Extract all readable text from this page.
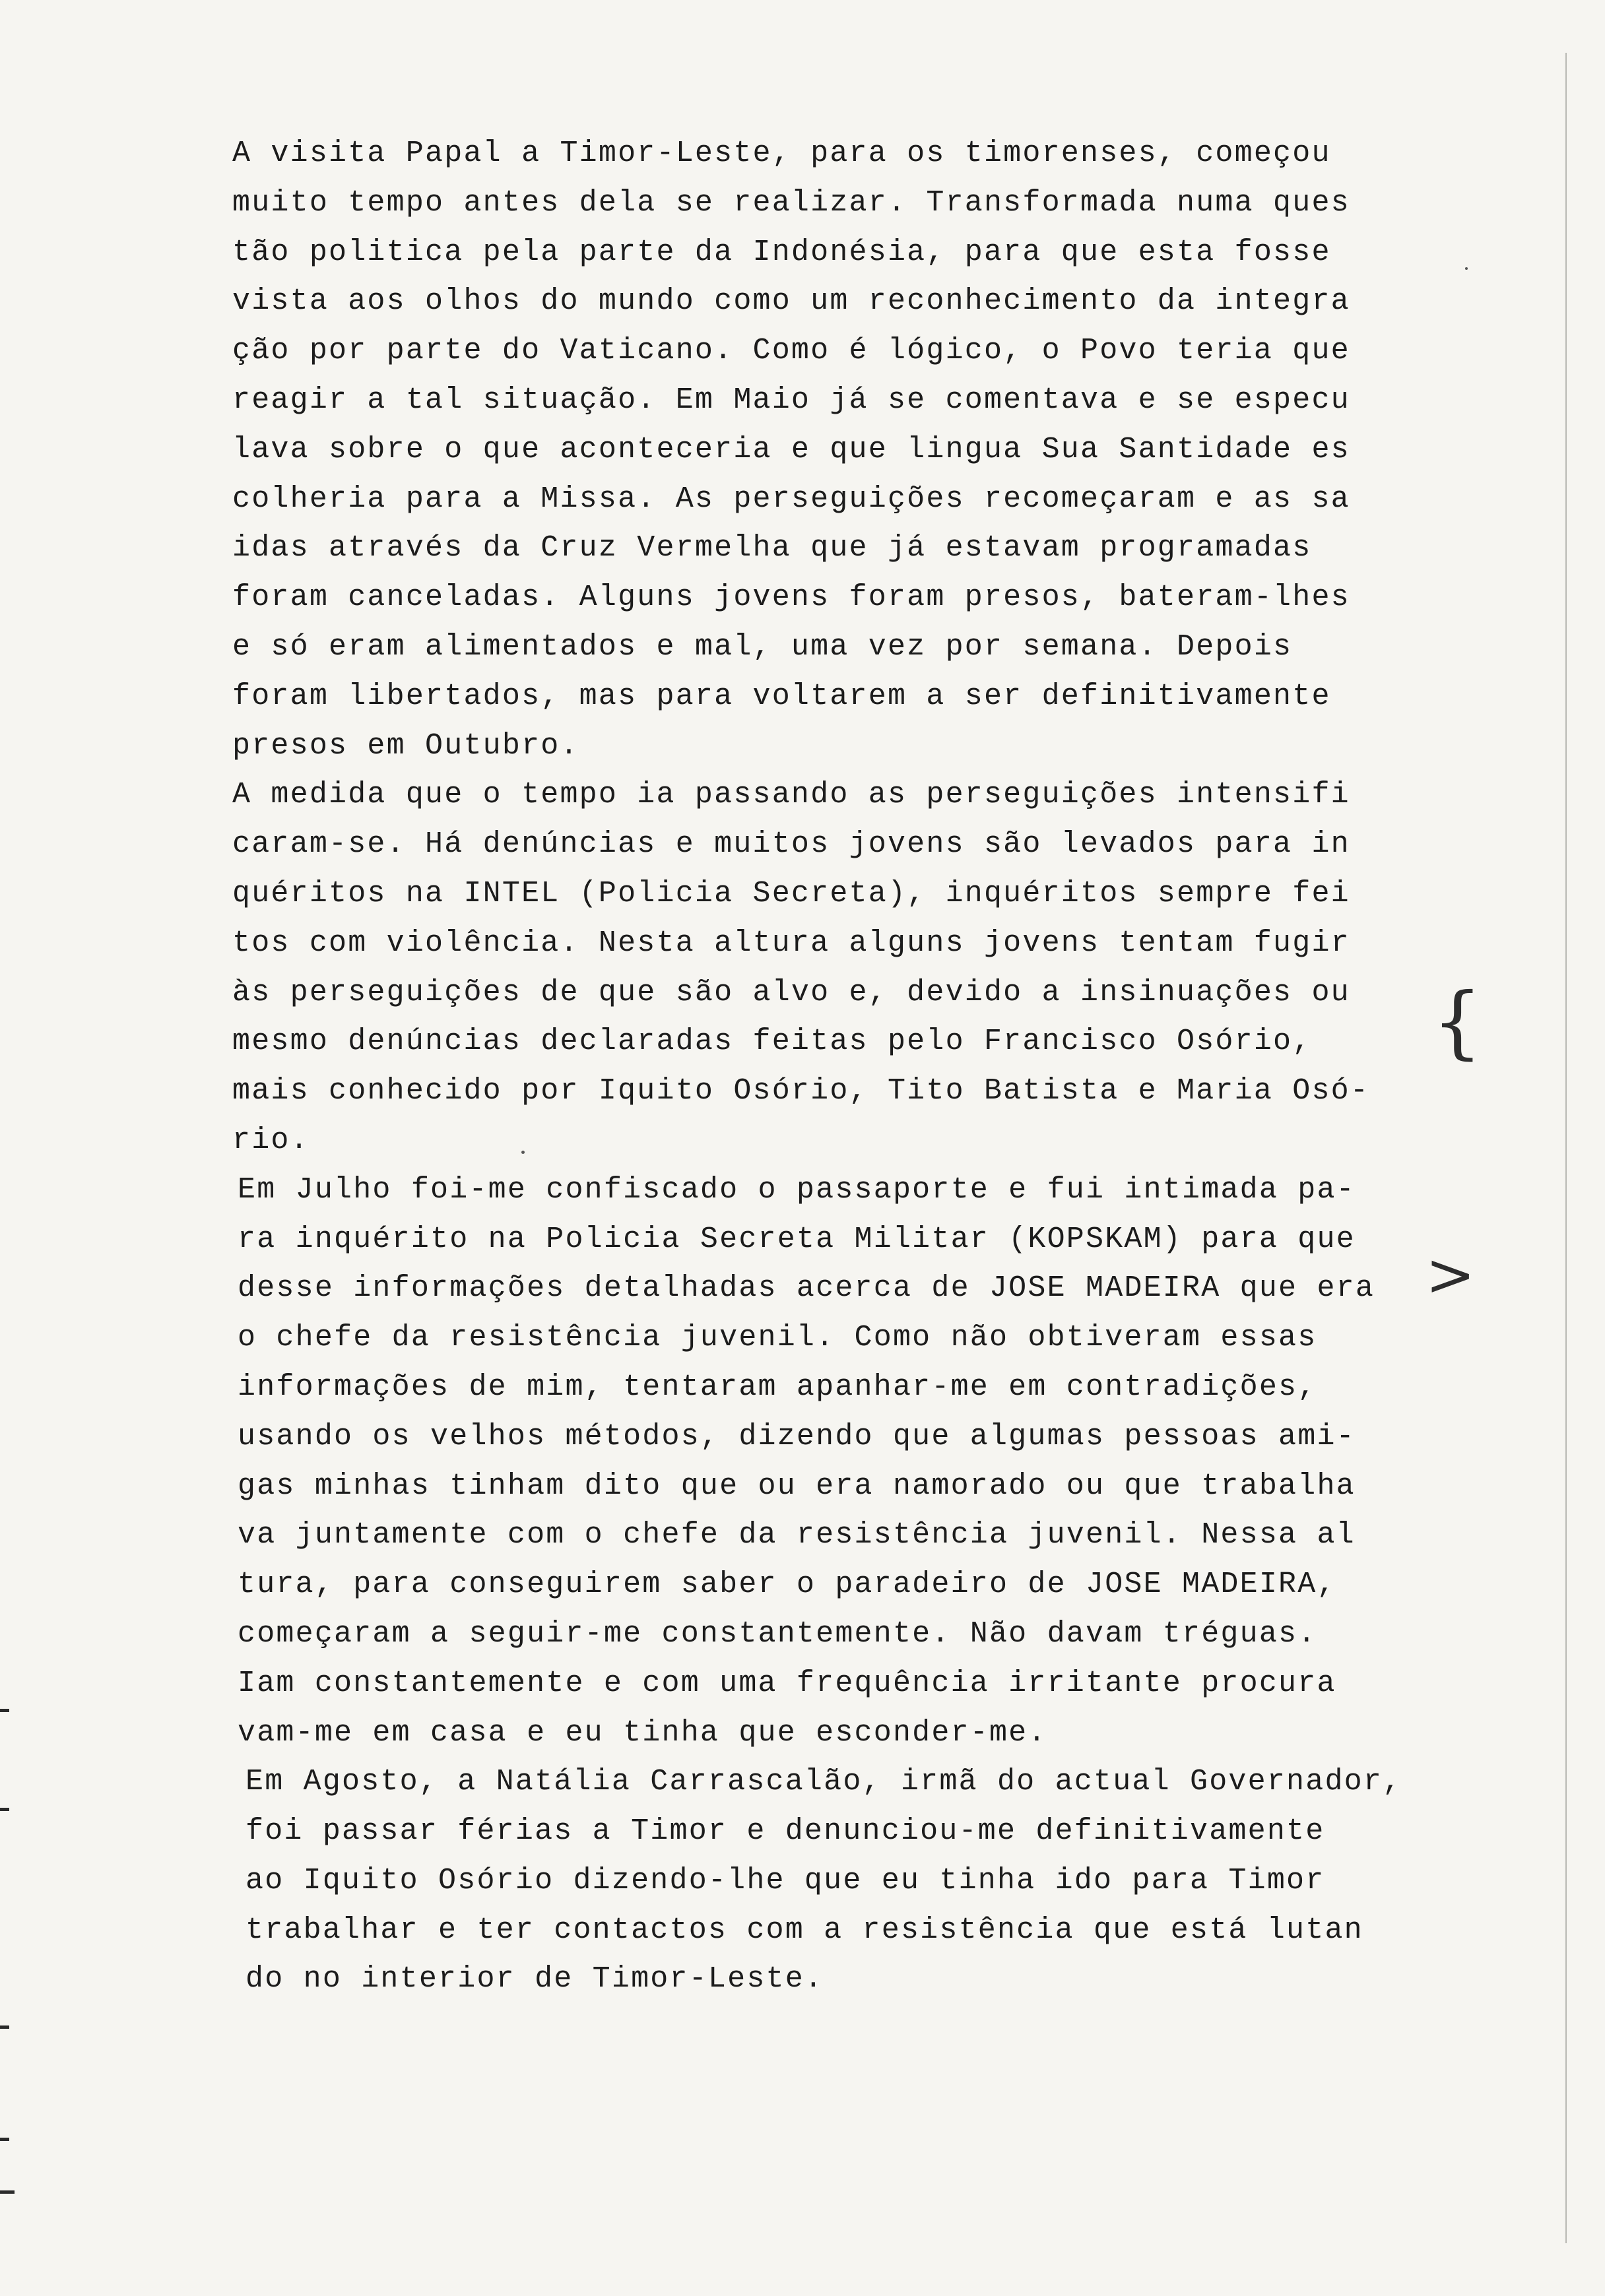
{
>
A visita Papal a Timor-Leste, para os timorenses, começou
muito tempo antes dela se realizar. Transformada numa ques
tão politica pela parte da Indonésia, para que esta fosse
vista aos olhos do mundo como um reconhecimento da integra
ção por parte do Vaticano. Como é lógico, o Povo teria que
reagir a tal situação. Em Maio já se comentava e se especu
lava sobre o que aconteceria e que lingua Sua Santidade es
colheria para a Missa. As perseguições recomeçaram e as sa
idas através da Cruz Vermelha que já estavam programadas
foram canceladas. Alguns jovens foram presos, bateram-lhes
e só eram alimentados e mal, uma vez por semana. Depois
foram libertados, mas para voltarem a ser definitivamente
presos em Outubro.
A medida que o tempo ia passando as perseguições intensifi
caram-se. Há denúncias e muitos jovens são levados para in
quéritos na INTEL (Policia Secreta), inquéritos sempre fei
tos com violência. Nesta altura alguns jovens tentam fugir
às perseguições de que são alvo e, devido a insinuações ou
mesmo denúncias declaradas feitas pelo Francisco Osório,
mais conhecido por Iquito Osório, Tito Batista e Maria Osó-
rio.
Em Julho foi-me confiscado o passaporte e fui intimada pa-
ra inquérito na Policia Secreta Militar (KOPSKAM) para que
desse informações detalhadas acerca de JOSE MADEIRA que era
o chefe da resistência juvenil. Como não obtiveram essas
informações de mim, tentaram apanhar-me em contradições,
usando os velhos métodos, dizendo que algumas pessoas ami-
gas minhas tinham dito que ou era namorado ou que trabalha
va juntamente com o chefe da resistência juvenil. Nessa al
tura, para conseguirem saber o paradeiro de JOSE MADEIRA,
começaram a seguir-me constantemente. Não davam tréguas.
Iam constantemente e com uma frequência irritante procura
vam-me em casa e eu tinha que esconder-me.
Em Agosto, a Natália Carrascalão, irmã do actual Governador,
foi passar férias a Timor e denunciou-me definitivamente
ao Iquito Osório dizendo-lhe que eu tinha ido para Timor
trabalhar e ter contactos com a resistência que está lutan
do no interior de Timor-Leste.
